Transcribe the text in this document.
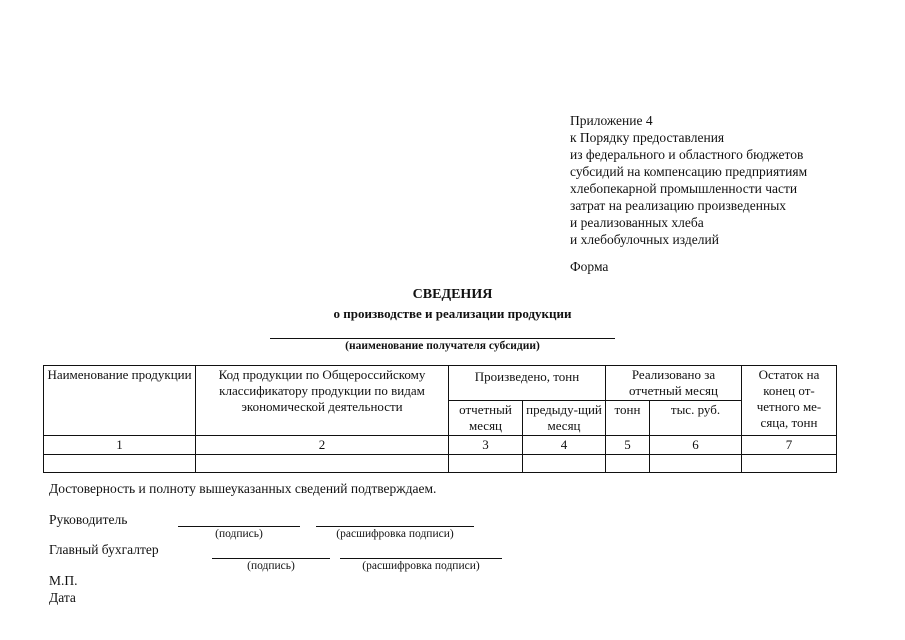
Приложение 4
к Порядку предоставления
из федерального и областного бюджетов
субсидий на компенсацию предприятиям
хлебопекарной промышленности части
затрат на реализацию произведенных
и реализованных хлеба
и хлебобулочных изделий
Форма
СВЕДЕНИЯ
о производстве и реализации продукции
(наименование получателя субсидии)
Наименование продукции	Код продукции по Общероссийскому классификатору продукции по видам экономической деятельности	Произведено, тонн		Реализовано за отчетный месяц		Остаток на конец от-четного ме-сяца, тонн
		отчетный месяц	предыду-щий месяц	тонн	тыс. руб.	
1	2	3	4	5	6	7

Достоверность и полноту вышеуказанных сведений подтверждаем.
Руководитель
(подпись)	(расшифровка подписи)
Главный бухгалтер
(подпись)	(расшифровка подписи)
М.П.
Дата
